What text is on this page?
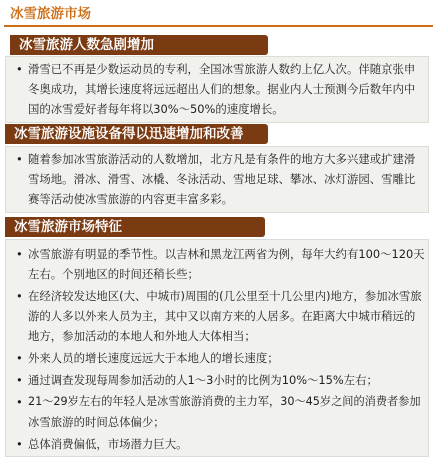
冰雪旅游市场
冰雪旅游人数急剧增加
• 滑雪已不再是少数运动员的专利，全国冰雪旅游人数约上亿人次。伴随京张申
冬奥成功，其增长速度将远远超出人们的想象。据业内人士预测今后数年内中
国的冰雪爱好者每年将以30%～50%的速度增长。
冰雪旅游设施设备得以迅速增加和改善
• 随着参加冰雪旅游活动的人数增加，北方凡是有条件的地方大多兴建或扩建滑
雪场地。滑冰、滑雪、冰橇、冬泳活动、雪地足球、攀冰、冰灯游园、雪雕比
赛等活动使冰雪旅游的内容更丰富多彩。
冰雪旅游市场特征
• 冰雪旅游有明显的季节性。以吉林和黑龙江两省为例，每年大约有100～120天
左右。个别地区的时间还稍长些；
• 在经济较发达地区(大、中城市)周围的(几公里至十几公里内)地方，参加冰雪旅
游的人多以外来人员为主，其中又以南方来的人居多。在距离大中城市稍远的
地方，参加活动的本地人和外地人大体相当；
• 外来人员的增长速度远远大于本地人的增长速度；
• 通过调查发现每周参加活动的人1～3小时的比例为10%～15%左右；
• 21～29岁左右的年轻人是冰雪旅游消费的主力军，30～45岁之间的消费者参加
冰雪旅游的时间总体偏少；
• 总体消费偏低，市场潜力巨大。
